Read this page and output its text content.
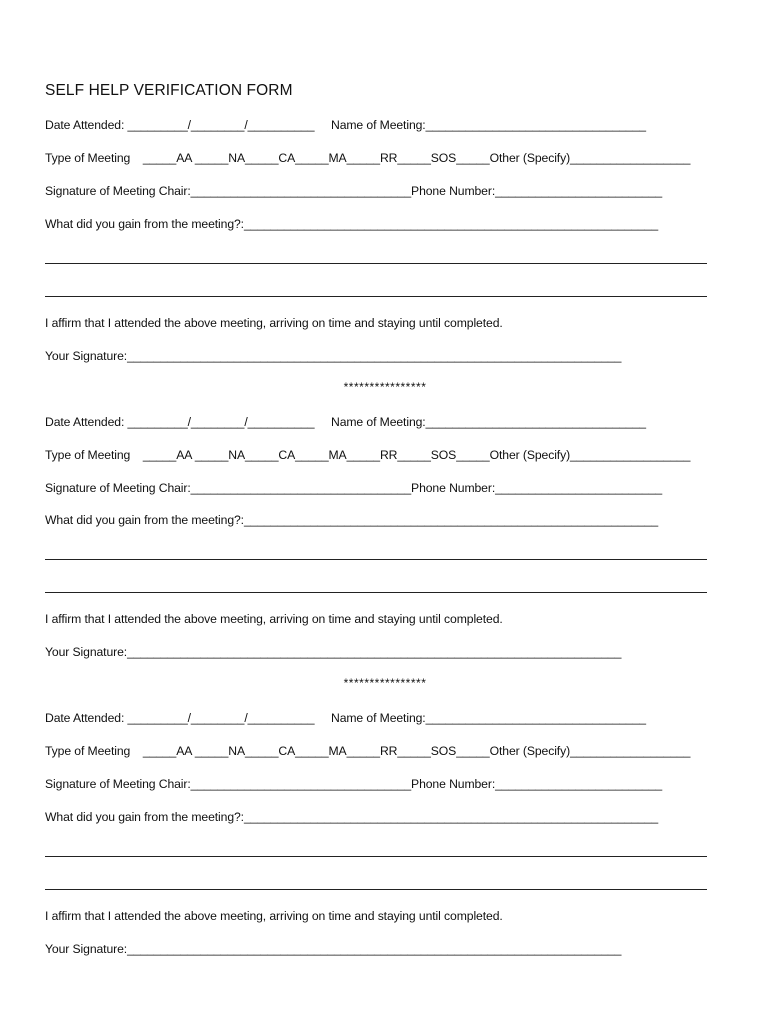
SELF HELP VERIFICATION FORM
Date Attended: _________/________/__________ Name of Meeting:_________________________________
Type of Meeting _____AA _____NA_____CA_____MA_____RR_____SOS_____Other (Specify)__________________
Signature of Meeting Chair:_________________________________Phone Number:_________________________
What did you gain from the meeting?:______________________________________________________________
I affirm that I attended the above meeting, arriving on time and staying until completed.
Your Signature:__________________________________________________________________________
****************
Date Attended: _________/________/__________ Name of Meeting:_________________________________
Type of Meeting _____AA _____NA_____CA_____MA_____RR_____SOS_____Other (Specify)__________________
Signature of Meeting Chair:_________________________________Phone Number:_________________________
What did you gain from the meeting?:______________________________________________________________
I affirm that I attended the above meeting, arriving on time and staying until completed.
Your Signature:__________________________________________________________________________
****************
Date Attended: _________/________/__________ Name of Meeting:_________________________________
Type of Meeting _____AA _____NA_____CA_____MA_____RR_____SOS_____Other (Specify)__________________
Signature of Meeting Chair:_________________________________Phone Number:_________________________
What did you gain from the meeting?:______________________________________________________________
I affirm that I attended the above meeting, arriving on time and staying until completed.
Your Signature:__________________________________________________________________________
